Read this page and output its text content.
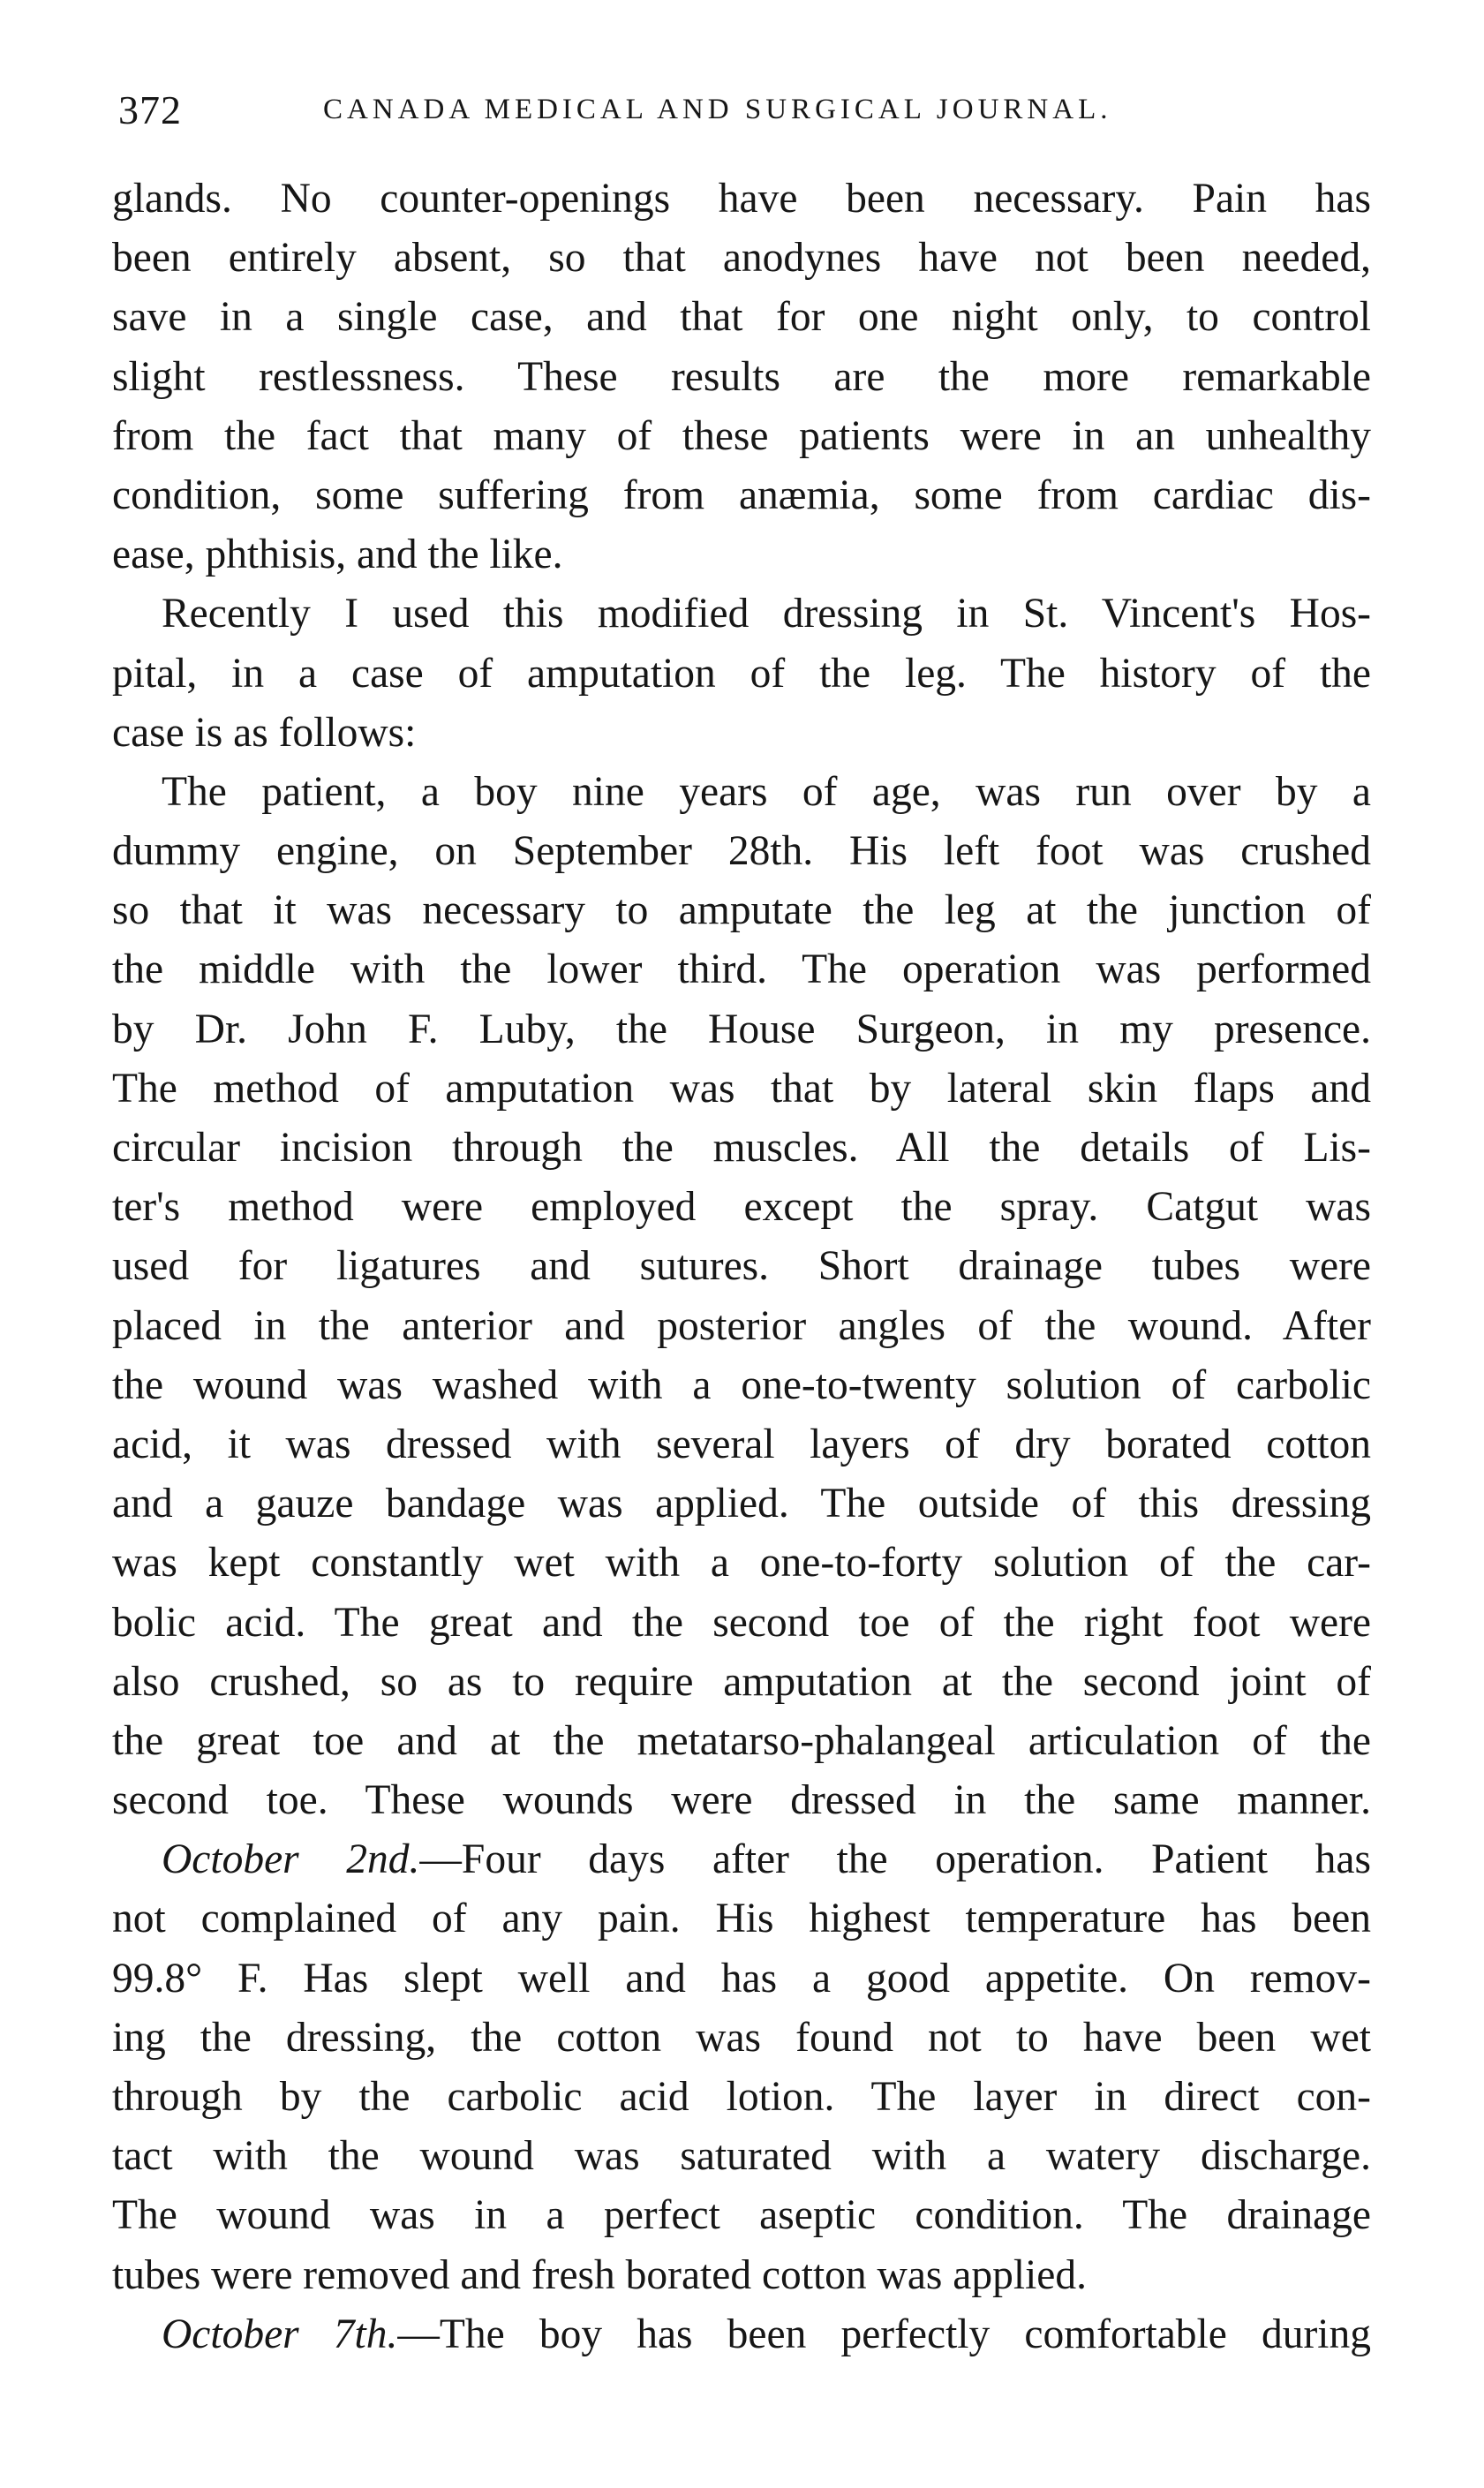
372	CANADA MEDICAL AND SURGICAL JOURNAL.
glands. No counter-openings have been necessary. Pain has
been entirely absent, so that anodynes have not been needed,
save in a single case, and that for one night only, to control
slight restlessness. These results are the more remarkable
from the fact that many of these patients were in an unhealthy
condition, some suffering from anæmia, some from cardiac dis-
ease, phthisis, and the like.
Recently I used this modified dressing in St. Vincent's Hos-
pital, in a case of amputation of the leg. The history of the
case is as follows:
The patient, a boy nine years of age, was run over by a
dummy engine, on September 28th. His left foot was crushed
so that it was necessary to amputate the leg at the junction of
the middle with the lower third. The operation was performed
by Dr. John F. Luby, the House Surgeon, in my presence.
The method of amputation was that by lateral skin flaps and
circular incision through the muscles. All the details of Lis-
ter's method were employed except the spray. Catgut was
used for ligatures and sutures. Short drainage tubes were
placed in the anterior and posterior angles of the wound. After
the wound was washed with a one-to-twenty solution of carbolic
acid, it was dressed with several layers of dry borated cotton
and a gauze bandage was applied. The outside of this dressing
was kept constantly wet with a one-to-forty solution of the car-
bolic acid. The great and the second toe of the right foot were
also crushed, so as to require amputation at the second joint of
the great toe and at the metatarso-phalangeal articulation of the
second toe. These wounds were dressed in the same manner.
October 2nd.—Four days after the operation. Patient has
not complained of any pain. His highest temperature has been
99.8° F. Has slept well and has a good appetite. On remov-
ing the dressing, the cotton was found not to have been wet
through by the carbolic acid lotion. The layer in direct con-
tact with the wound was saturated with a watery discharge.
The wound was in a perfect aseptic condition. The drainage
tubes were removed and fresh borated cotton was applied.
October 7th.—The boy has been perfectly comfortable during
